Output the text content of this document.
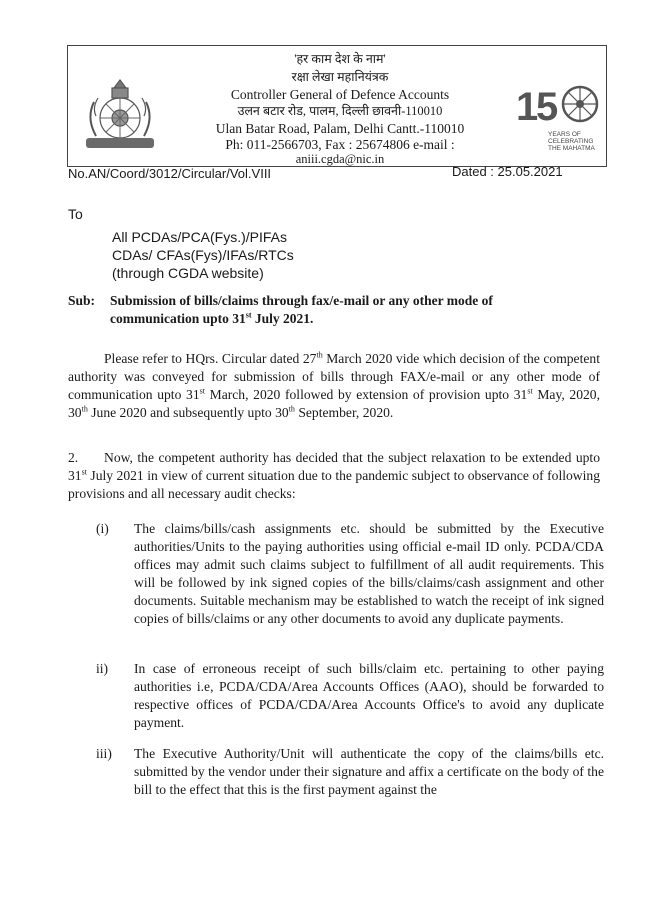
'हर काम देश के नाम'
रक्षा लेखा महानियंत्रक
Controller General of Defence Accounts
उलन बटार रोड, पालम, दिल्ली छावनी-110010
Ulan Batar Road, Palam, Delhi Cantt.-110010
Ph: 011-2566703, Fax : 25674806 e-mail :
aniii.cgda@nic.in
1
5
YEARS OF
CELEBRATING
THE MAHATMA
No.AN/Coord/3012/Circular/Vol.VIII	Dated : 25.05.2021
To
All PCDAs/PCA(Fys.)/PIFAs
CDAs/ CFAs(Fys)/IFAs/RTCs
(through CGDA website)
Sub: Submission of bills/claims through fax/e-mail or any other mode of
communication upto 31st July 2021.
Please refer to HQrs. Circular dated 27th March 2020 vide which decision of the competent authority was conveyed for submission of bills through FAX/e-mail or any other mode of communication upto 31st March, 2020 followed by extension of provision upto 31st May, 2020, 30th June 2020 and subsequently upto 30th September, 2020.
2. Now, the competent authority has decided that the subject relaxation to be extended upto 31st July 2021 in view of current situation due to the pandemic subject to observance of following provisions and all necessary audit checks:
(i) The claims/bills/cash assignments etc. should be submitted by the Executive authorities/Units to the paying authorities using official e-mail ID only. PCDA/CDA offices may admit such claims subject to fulfillment of all audit requirements. This will be followed by ink signed copies of the bills/claims/cash assignment and other documents. Suitable mechanism may be established to watch the receipt of ink signed copies of bills/claims or any other documents to avoid any duplicate payments.
ii) In case of erroneous receipt of such bills/claim etc. pertaining to other paying authorities i.e, PCDA/CDA/Area Accounts Offices (AAO), should be forwarded to respective offices of PCDA/CDA/Area Accounts Office's to avoid any duplicate payment.
iii) The Executive Authority/Unit will authenticate the copy of the claims/bills etc. submitted by the vendor under their signature and affix a certificate on the body of the bill to the effect that this is the first payment against the
